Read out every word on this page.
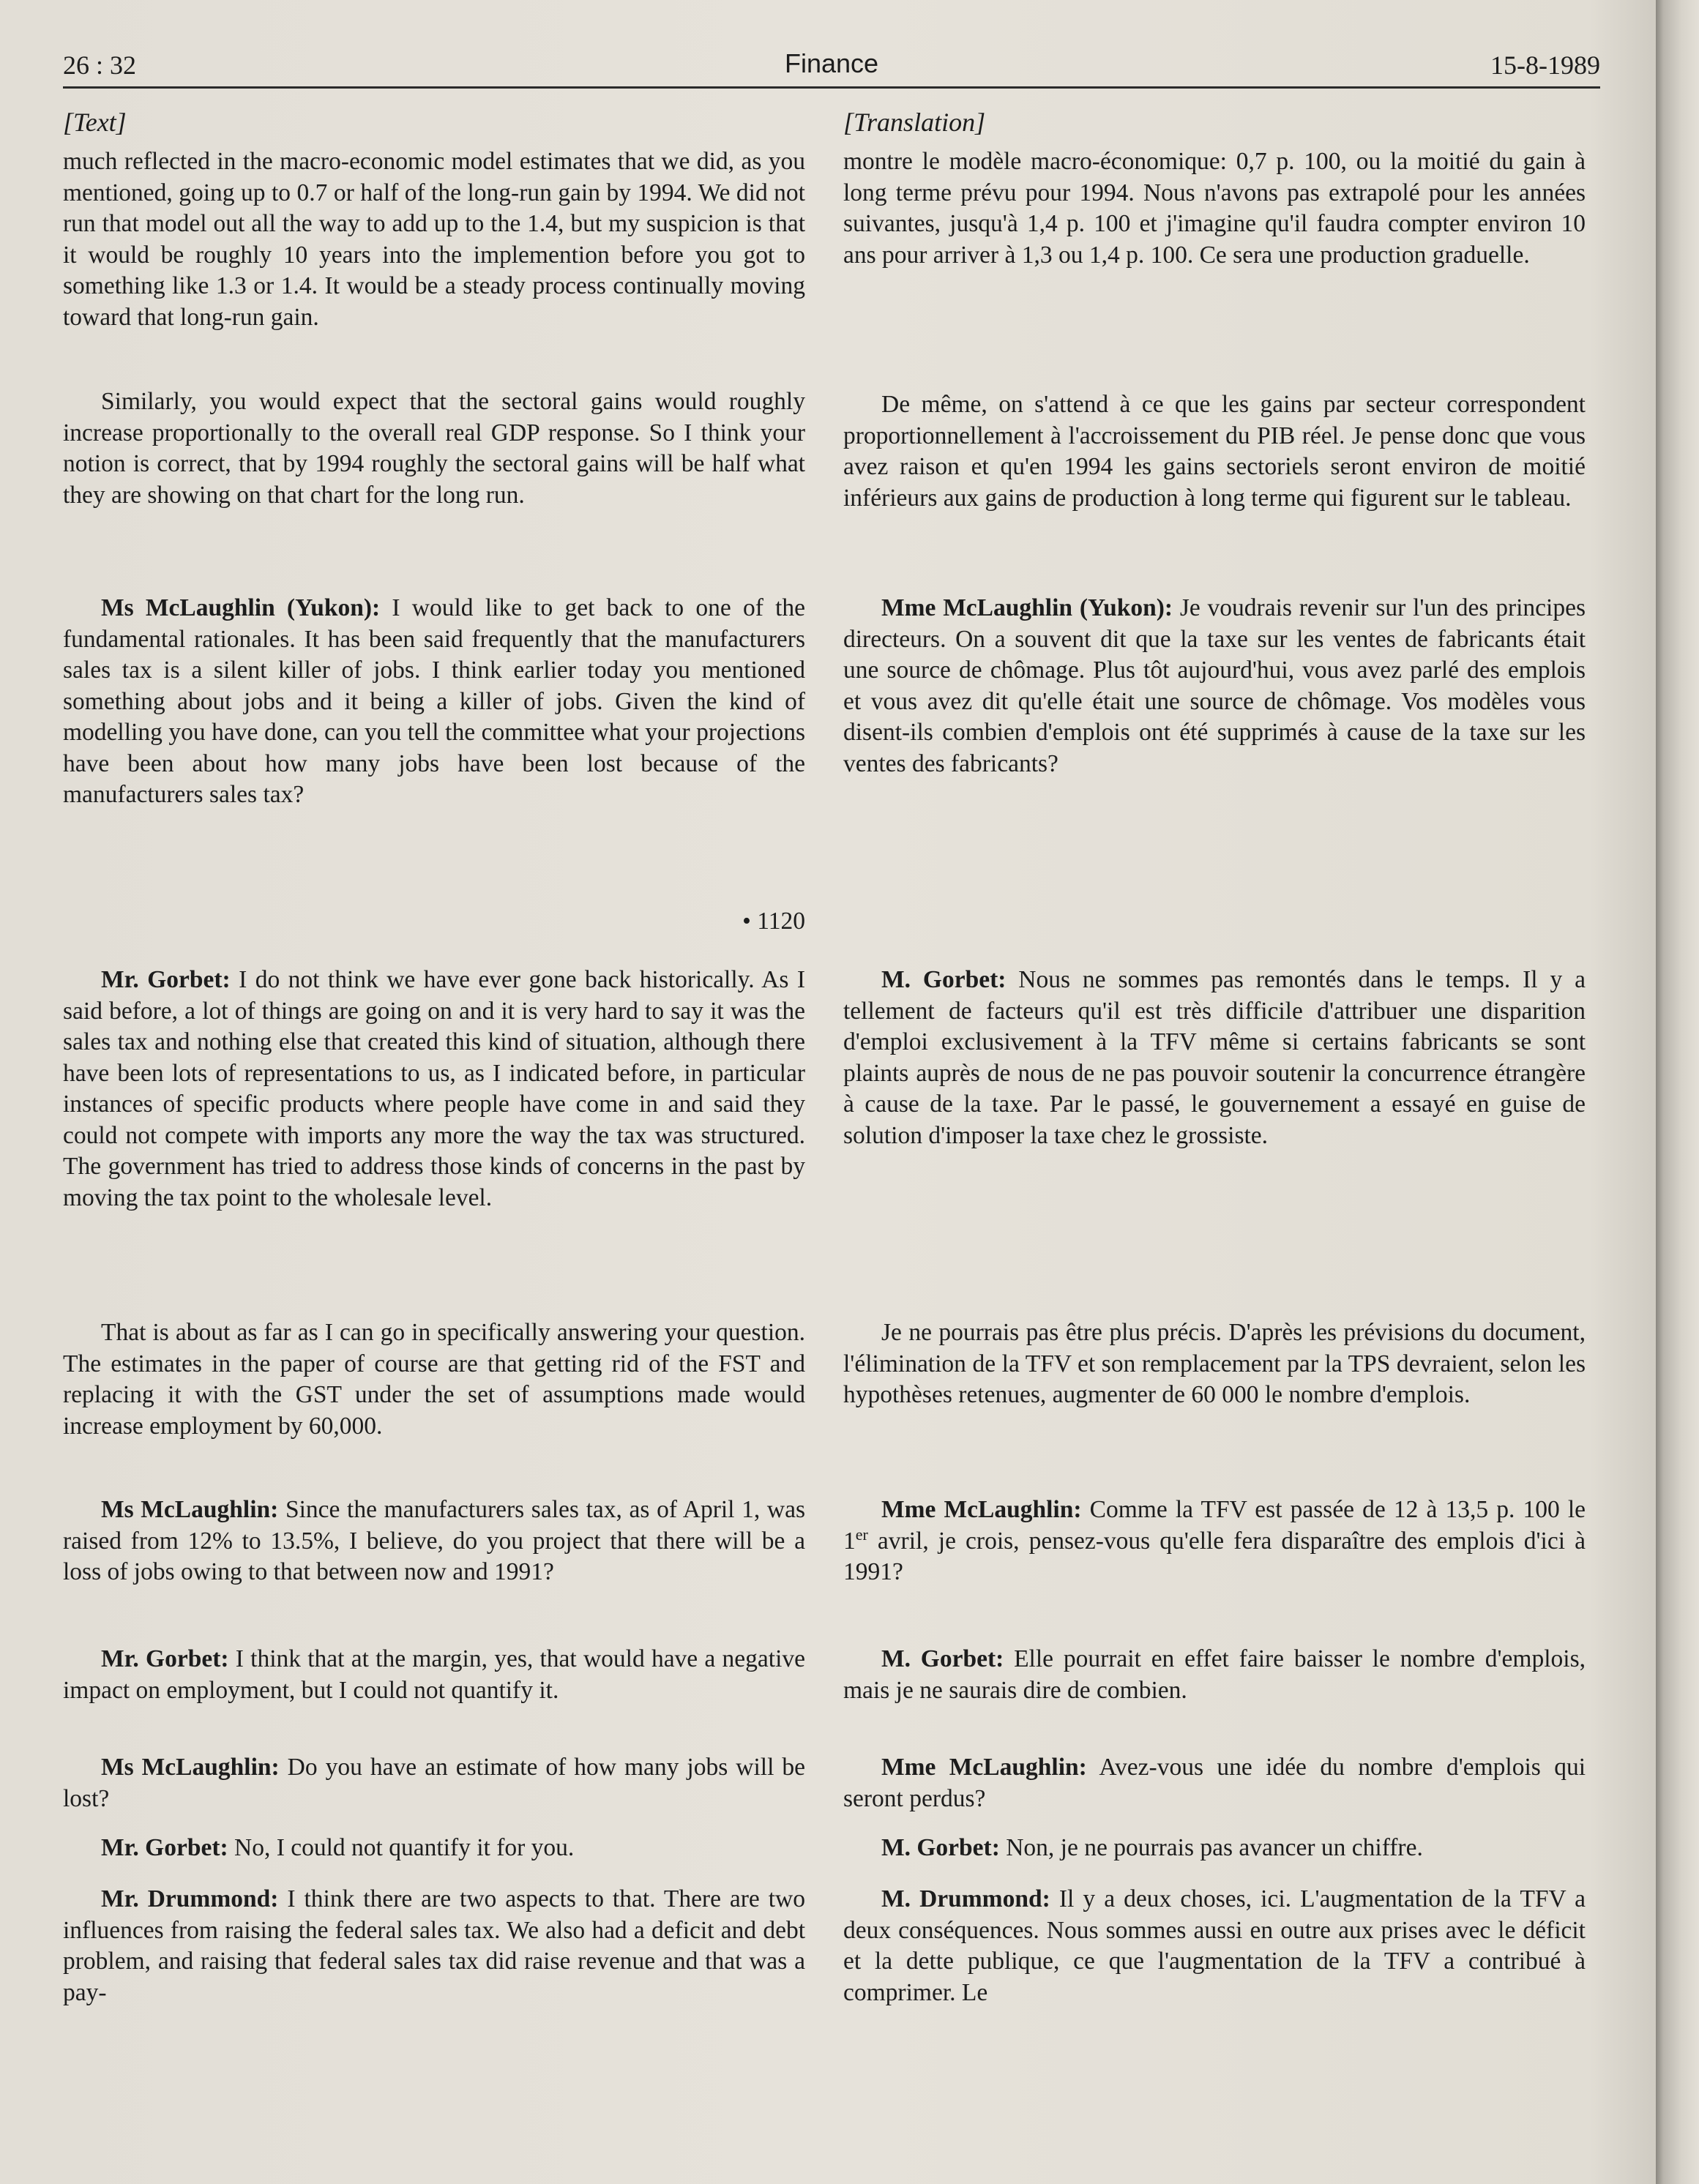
26 : 32	Finance	15-8-1989
[Text]

much reflected in the macro-economic model estimates that we did, as you mentioned, going up to 0.7 or half of the long-run gain by 1994. We did not run that model out all the way to add up to the 1.4, but my suspicion is that it would be roughly 10 years into the implemention before you got to something like 1.3 or 1.4. It would be a steady process continually moving toward that long-run gain.

Similarly, you would expect that the sectoral gains would roughly increase proportionally to the overall real GDP response. So I think your notion is correct, that by 1994 roughly the sectoral gains will be half what they are showing on that chart for the long run.

Ms McLaughlin (Yukon): I would like to get back to one of the fundamental rationales. It has been said frequently that the manufacturers sales tax is a silent killer of jobs. I think earlier today you mentioned something about jobs and it being a killer of jobs. Given the kind of modelling you have done, can you tell the committee what your projections have been about how many jobs have been lost because of the manufacturers sales tax?

• 1120

Mr. Gorbet: I do not think we have ever gone back historically. As I said before, a lot of things are going on and it is very hard to say it was the sales tax and nothing else that created this kind of situation, although there have been lots of representations to us, as I indicated before, in particular instances of specific products where people have come in and said they could not compete with imports any more the way the tax was structured. The government has tried to address those kinds of concerns in the past by moving the tax point to the wholesale level.

That is about as far as I can go in specifically answering your question. The estimates in the paper of course are that getting rid of the FST and replacing it with the GST under the set of assumptions made would increase employment by 60,000.

Ms McLaughlin: Since the manufacturers sales tax, as of April 1, was raised from 12% to 13.5%, I believe, do you project that there will be a loss of jobs owing to that between now and 1991?

Mr. Gorbet: I think that at the margin, yes, that would have a negative impact on employment, but I could not quantify it.

Ms McLaughlin: Do you have an estimate of how many jobs will be lost?

Mr. Gorbet: No, I could not quantify it for you.

Mr. Drummond: I think there are two aspects to that. There are two influences from raising the federal sales tax. We also had a deficit and debt problem, and raising that federal sales tax did raise revenue and that was a pay-

[Translation]

montre le modèle macro-économique: 0,7 p. 100, ou la moitié du gain à long terme prévu pour 1994. Nous n'avons pas extrapolé pour les années suivantes, jusqu'à 1,4 p. 100 et j'imagine qu'il faudra compter environ 10 ans pour arriver à 1,3 ou 1,4 p. 100. Ce sera une production graduelle.

De même, on s'attend à ce que les gains par secteur correspondent proportionnellement à l'accroissement du PIB réel. Je pense donc que vous avez raison et qu'en 1994 les gains sectoriels seront environ de moitié inférieurs aux gains de production à long terme qui figurent sur le tableau.

Mme McLaughlin (Yukon): Je voudrais revenir sur l'un des principes directeurs. On a souvent dit que la taxe sur les ventes de fabricants était une source de chômage. Plus tôt aujourd'hui, vous avez parlé des emplois et vous avez dit qu'elle était une source de chômage. Vos modèles vous disent-ils combien d'emplois ont été supprimés à cause de la taxe sur les ventes des fabricants?

M. Gorbet: Nous ne sommes pas remontés dans le temps. Il y a tellement de facteurs qu'il est très difficile d'attribuer une disparition d'emploi exclusivement à la TFV même si certains fabricants se sont plaints auprès de nous de ne pas pouvoir soutenir la concurrence étrangère à cause de la taxe. Par le passé, le gouvernement a essayé en guise de solution d'imposer la taxe chez le grossiste.

Je ne pourrais pas être plus précis. D'après les prévisions du document, l'élimination de la TFV et son remplacement par la TPS devraient, selon les hypothèses retenues, augmenter de 60 000 le nombre d'emplois.

Mme McLaughlin: Comme la TFV est passée de 12 à 13,5 p. 100 le 1er avril, je crois, pensez-vous qu'elle fera disparaître des emplois d'ici à 1991?

M. Gorbet: Elle pourrait en effet faire baisser le nombre d'emplois, mais je ne saurais dire de combien.

Mme McLaughlin: Avez-vous une idée du nombre d'emplois qui seront perdus?

M. Gorbet: Non, je ne pourrais pas avancer un chiffre.

M. Drummond: Il y a deux choses, ici. L'augmentation de la TFV a deux conséquences. Nous sommes aussi en outre aux prises avec le déficit et la dette publique, ce que l'augmentation de la TFV a contribué à comprimer. Le
